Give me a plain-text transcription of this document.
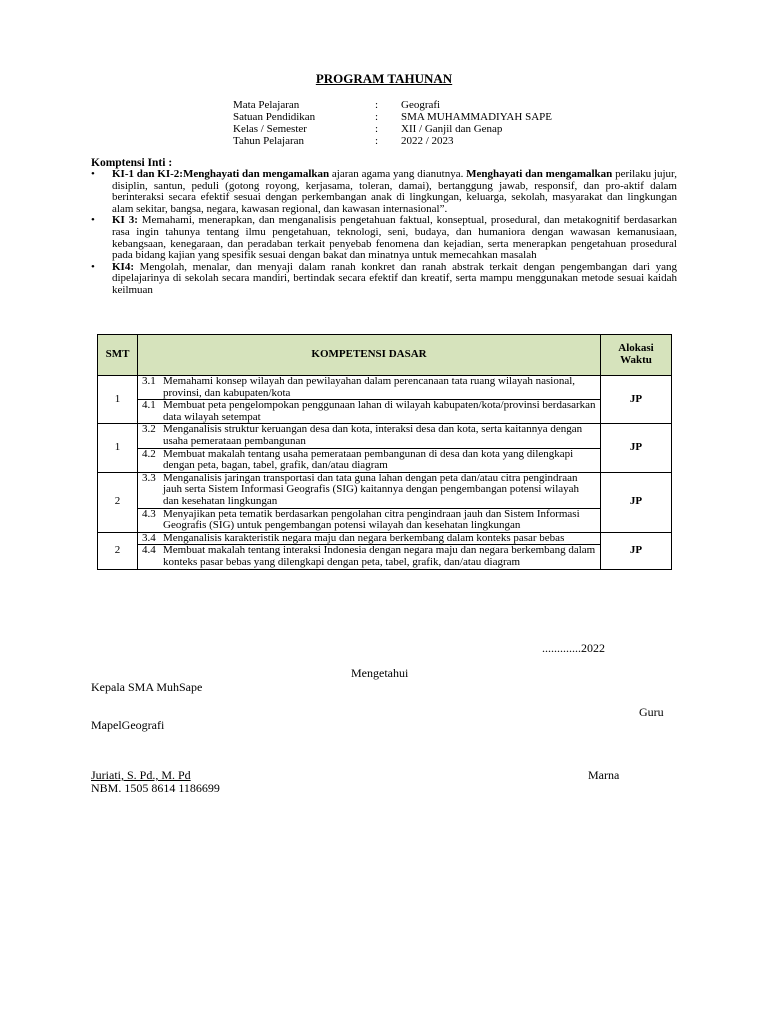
PROGRAM TAHUNAN
Mata Pelajaran	:	Geografi
Satuan Pendidikan	:	SMA MUHAMMADIYAH SAPE
Kelas / Semester	:	XII / Ganjil dan Genap
Tahun Pelajaran	:	2022 / 2023
Komptensi Inti :
• KI-1 dan KI-2:Menghayati dan mengamalkan ajaran agama yang dianutnya. Menghayati dan mengamalkan perilaku jujur, disiplin, santun, peduli (gotong royong, kerjasama, toleran, damai), bertanggung jawab, responsif, dan pro-aktif dalam berinteraksi secara efektif sesuai dengan perkembangan anak di lingkungan, keluarga, sekolah, masyarakat dan lingkungan alam sekitar, bangsa, negara, kawasan regional, dan kawasan internasional”.
• KI 3: Memahami, menerapkan, dan menganalisis pengetahuan faktual, konseptual, prosedural, dan metakognitif berdasarkan rasa ingin tahunya tentang ilmu pengetahuan, teknologi, seni, budaya, dan humaniora dengan wawasan kemanusiaan, kebangsaan, kenegaraan, dan peradaban terkait penyebab fenomena dan kejadian, serta menerapkan pengetahuan prosedural pada bidang kajian yang spesifik sesuai dengan bakat dan minatnya untuk memecahkan masalah
• KI4: Mengolah, menalar, dan menyaji dalam ranah konkret dan ranah abstrak terkait dengan pengembangan dari yang dipelajarinya di sekolah secara mandiri, bertindak secara efektif dan kreatif, serta mampu menggunakan metode sesuai kaidah keilmuan
SMT	KOMPETENSI DASAR	Alokasi Waktu
1	3.1 Memahami konsep wilayah dan pewilayahan dalam perencanaan tata ruang wilayah nasional, provinsi, dan kabupaten/kota
4.1 Membuat peta pengelompokan penggunaan lahan di wilayah kabupaten/kota/provinsi berdasarkan data wilayah setempat	JP
1	3.2 Menganalisis struktur keruangan desa dan kota, interaksi desa dan kota, serta kaitannya dengan usaha pemerataan pembangunan
4.2 Membuat makalah tentang usaha pemerataan pembangunan di desa dan kota yang dilengkapi dengan peta, bagan, tabel, grafik, dan/atau diagram	JP
2	3.3 Menganalisis jaringan transportasi dan tata guna lahan dengan peta dan/atau citra pengindraan jauh serta Sistem Informasi Geografis (SIG) kaitannya dengan pengembangan potensi wilayah dan kesehatan lingkungan
4.3 Menyajikan peta tematik berdasarkan pengolahan citra pengindraan jauh dan Sistem Informasi Geografis (SIG) untuk pengembangan potensi wilayah dan kesehatan lingkungan	JP
2	3.4 Menganalisis karakteristik negara maju dan negara berkembang dalam konteks pasar bebas
4.4 Membuat makalah tentang interaksi Indonesia dengan negara maju dan negara berkembang dalam konteks pasar bebas yang dilengkapi dengan peta, tabel, grafik, dan/atau diagram	JP
.............2022
Mengetahui
Kepala SMA MuhSape
Guru
MapelGeografi
Juriati, S. Pd., M. Pd	Marna
NBM. 1505 8614 1186699
